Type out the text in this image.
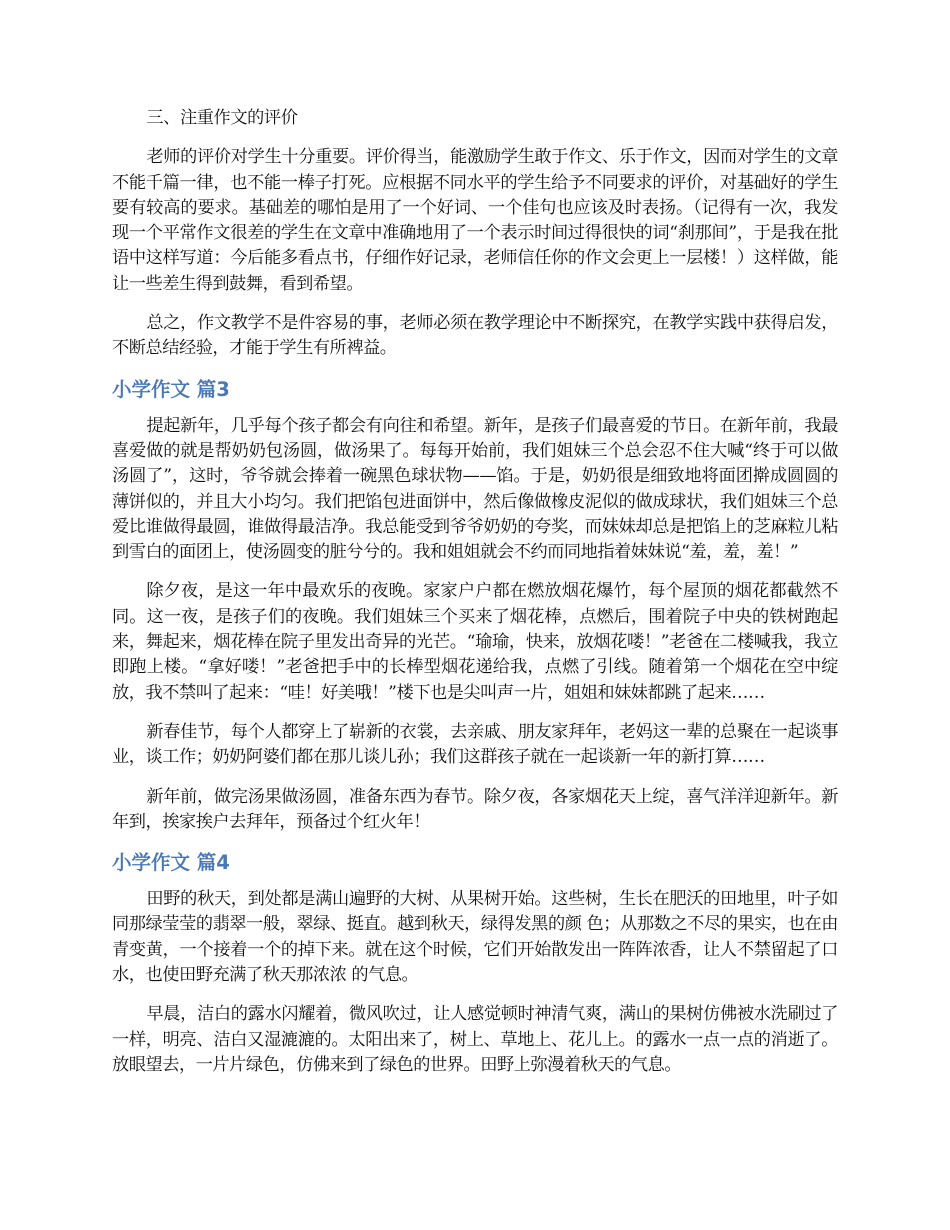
三、注重作文的评价

老师的评价对学生十分重要。评价得当，能激励学生敢于作文、乐于作文，因而对学生的文章不能千篇一律，也不能一棒子打死。应根据不同水平的学生给予不同要求的评价，对基础好的学生要有较高的要求。基础差的哪怕是用了一个好词、一个佳句也应该及时表扬。（记得有一次，我发现一个平常作文很差的学生在文章中准确地用了一个表示时间过得很快的词“刹那间”，于是我在批语中这样写道：今后能多看点书，仔细作好记录，老师信任你的作文会更上一层楼！）这样做，能让一些差生得到鼓舞，看到希望。

总之，作文教学不是件容易的事，老师必须在教学理论中不断探究，在教学实践中获得启发，不断总结经验，才能于学生有所裨益。

小学作文 篇3

提起新年，几乎每个孩子都会有向往和希望。新年，是孩子们最喜爱的节日。在新年前，我最喜爱做的就是帮奶奶包汤圆，做汤果了。每每开始前，我们姐妹三个总会忍不住大喊“终于可以做汤圆了”，这时，爷爷就会捧着一碗黑色球状物——馅。于是，奶奶很是细致地将面团擀成圆圆的薄饼似的，并且大小均匀。我们把馅包进面饼中，然后像做橡皮泥似的做成球状，我们姐妹三个总爱比谁做得最圆，谁做得最洁净。我总能受到爷爷奶奶的夸奖，而妹妹却总是把馅上的芝麻粒儿粘到雪白的面团上，使汤圆变的脏兮兮的。我和姐姐就会不约而同地指着妹妹说“羞，羞，羞！”

除夕夜，是这一年中最欢乐的夜晚。家家户户都在燃放烟花爆竹，每个屋顶的烟花都截然不同。这一夜，是孩子们的夜晚。我们姐妹三个买来了烟花棒，点燃后，围着院子中央的铁树跑起来，舞起来，烟花棒在院子里发出奇异的光芒。“瑜瑜，快来，放烟花喽！”老爸在二楼喊我，我立即跑上楼。“拿好喽！”老爸把手中的长棒型烟花递给我，点燃了引线。随着第一个烟花在空中绽放，我不禁叫了起来：“哇！好美哦！”楼下也是尖叫声一片，姐姐和妹妹都跳了起来……

新春佳节，每个人都穿上了崭新的衣裳，去亲戚、朋友家拜年，老妈这一辈的总聚在一起谈事业，谈工作；奶奶阿婆们都在那儿谈儿孙；我们这群孩子就在一起谈新一年的新打算……

新年前，做完汤果做汤圆，准备东西为春节。除夕夜，各家烟花天上绽，喜气洋洋迎新年。新年到，挨家挨户去拜年，预备过个红火年！

小学作文 篇4

田野的秋天，到处都是满山遍野的大树、从果树开始。这些树，生长在肥沃的田地里，叶子如同那绿莹莹的翡翠一般，翠绿、挺直。越到秋天，绿得发黑的颜 色；从那数之不尽的果实，也在由青变黄，一个接着一个的掉下来。就在这个时候，它们开始散发出一阵阵浓香，让人不禁留起了口水，也使田野充满了秋天那浓浓 的气息。

早晨，洁白的露水闪耀着，微风吹过，让人感觉顿时神清气爽，满山的果树仿佛被水洗刷过了一样，明亮、洁白又湿漉漉的。太阳出来了，树上、草地上、花儿上。的露水一点一点的消逝了。放眼望去，一片片绿色，仿佛来到了绿色的世界。田野上弥漫着秋天的气息。
